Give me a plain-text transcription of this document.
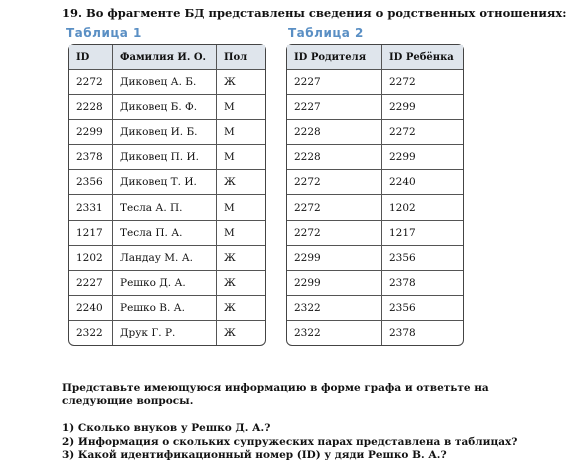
19. Во фрагменте БД представлены сведения о родственных отношениях:
Таблица 1	Таблица 2
ID	Фамилия И. О.	Пол
2272	Диковец А. Б.	Ж
2228	Диковец Б. Ф.	М
2299	Диковец И. Б.	М
2378	Диковец П. И.	М
2356	Диковец Т. И.	Ж
2331	Тесла А. П.	М
1217	Тесла П. А.	М
1202	Ландау М. А.	Ж
2227	Решко Д. А.	Ж
2240	Решко В. А.	Ж
2322	Друк Г. Р.	Ж
ID Родителя	ID Ребёнка
2227	2272
2227	2299
2228	2272
2228	2299
2272	2240
2272	1202
2272	1217
2299	2356
2299	2378
2322	2356
2322	2378
Представьте имеющуюся информацию в форме графа и ответьте на следующие вопросы.
1) Сколько внуков у Решко Д. А.?
2) Информация о скольких супружеских парах представлена в таблицах?
3) Какой идентификационный номер (ID) у дяди Решко В. А.?
